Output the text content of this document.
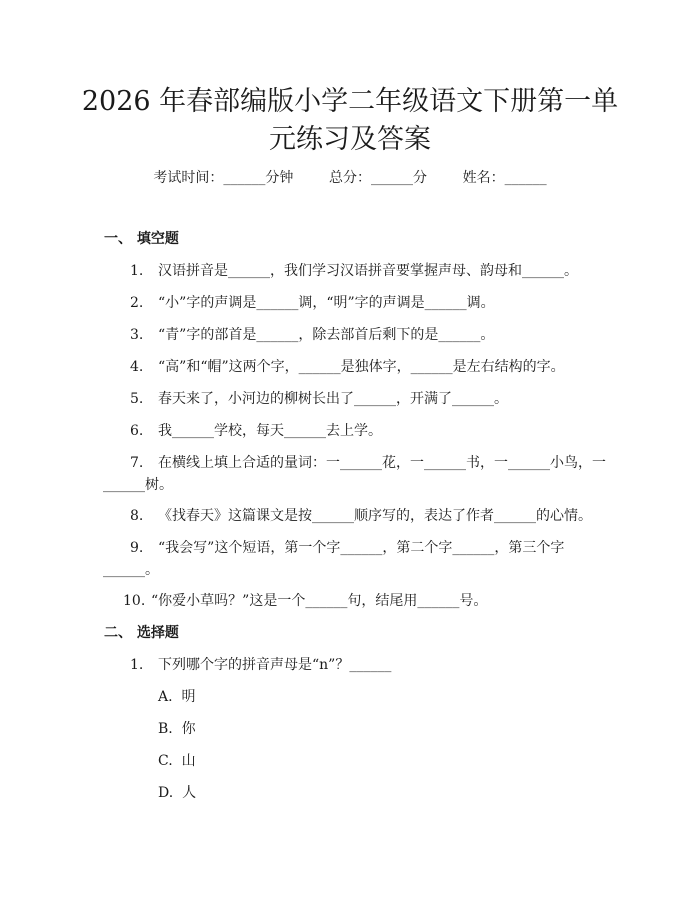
2026 年春部编版小学二年级语文下册第一单
元练习及答案
考试时间：______分钟	总分：______分	姓名：______
一、 填空题
1. 汉语拼音是______，我们学习汉语拼音要掌握声母、韵母和______。
2. “小”字的声调是______调，“明”字的声调是______调。
3. “青”字的部首是______，除去部首后剩下的是______。
4. “高”和“帽”这两个字，______是独体字，______是左右结构的字。
5. 春天来了，小河边的柳树长出了______，开满了______。
6. 我______学校，每天______去上学。
7. 在横线上填上合适的量词：一______花，一______书，一______小鸟，一
______树。
8. 《找春天》这篇课文是按______顺序写的，表达了作者______的心情。
9. “我会写”这个短语，第一个字______，第二个字______，第三个字
______。
10. “你爱小草吗？”这是一个______句，结尾用______号。
二、 选择题
1. 下列哪个字的拼音声母是“n”？______
A.  明
B.  你
C.  山
D.  人
